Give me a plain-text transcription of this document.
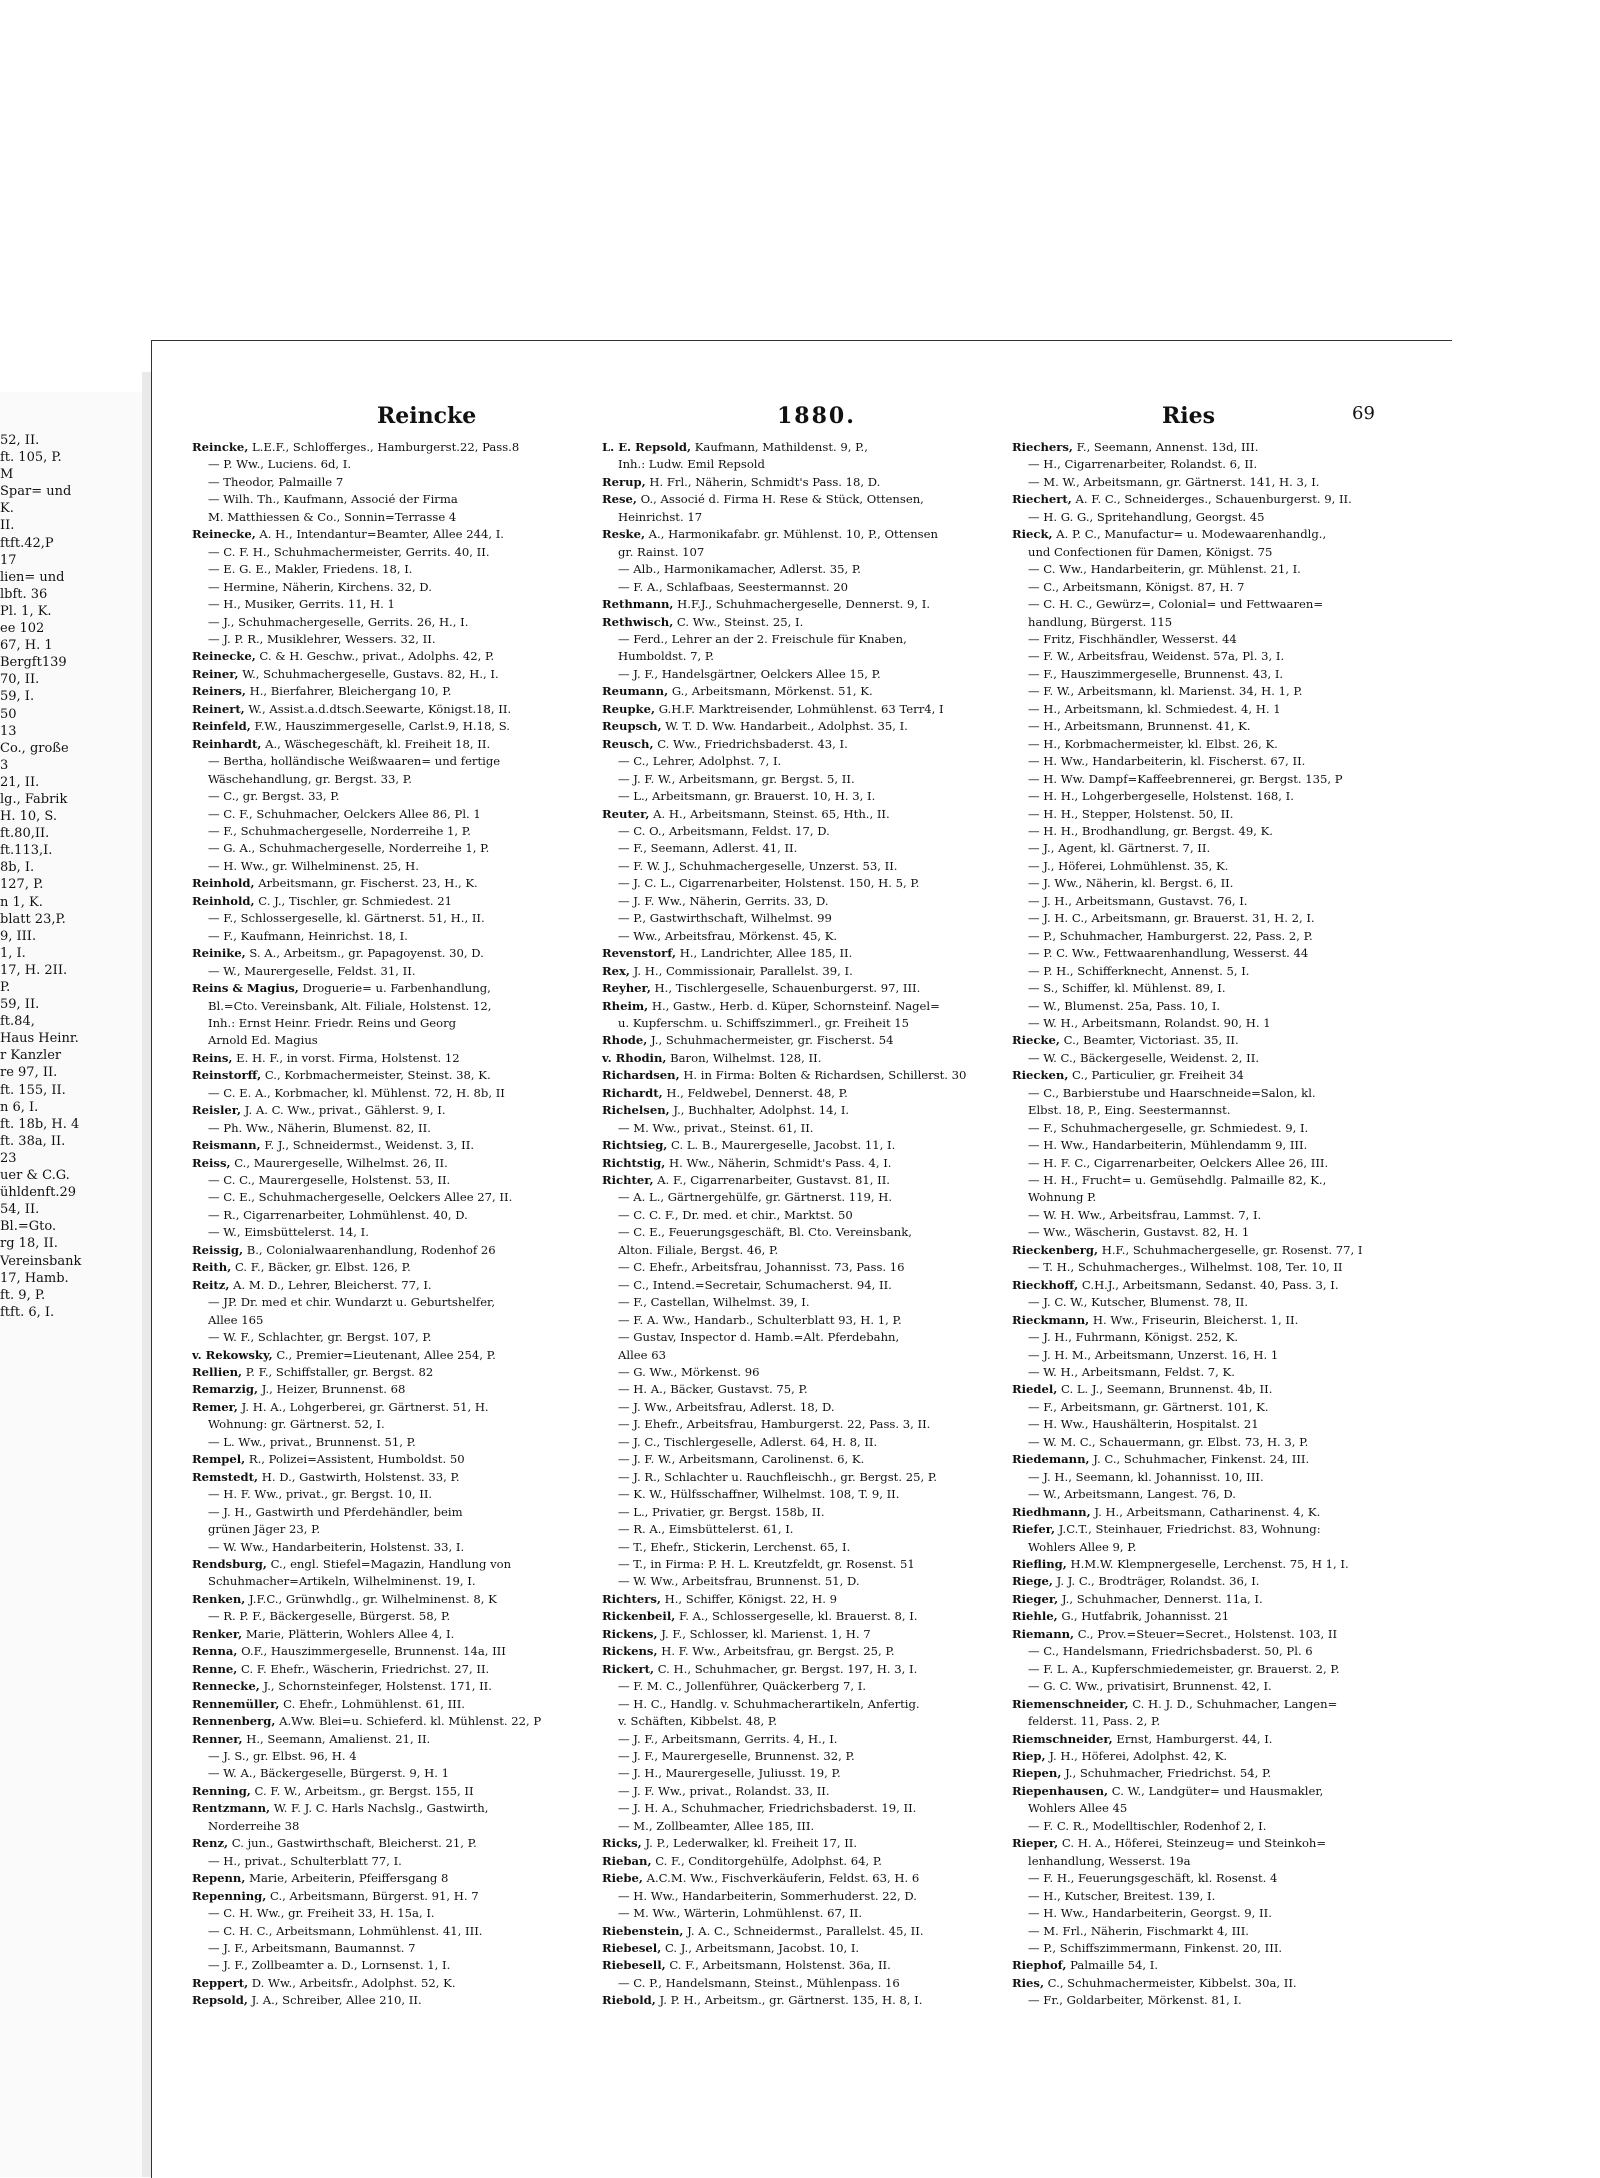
52, II.
ft. 105, P.
M
Spar= und
K.
II.
ftft.42,P
17
lien= und
lbft. 36
Pl. 1, K.
ee 102
67, H. 1
Bergft139
70, II.
59, I.
50
13
Co., große
3
21, II.
lg., Fabrik
H. 10, S.
ft.80,II.
ft.113,I.
8b, I.
127, P.
n 1, K.
blatt 23,P.
9, III.
1, I.
17, H. 2II.
P.
59, II.
ft.84,
Haus Heinr.
r Kanzler
re 97, II.
ft. 155, II.
n 6, I.
ft. 18b, H. 4
ft. 38a, II.
23
uer & C.G.
ühldenft.29
54, II.
Bl.=Gto.
rg 18, II.
Vereinsbank
17, Hamb.
ft. 9, P.
ftft. 6, I.
Reincke	1880.	Ries	69
Reincke, L.E.F., Schlofferges., Hamburgerst.22, Pass.8
— P. Ww., Luciens. 6d, I.
— Theodor, Palmaille 7
— Wilh. Th., Kaufmann, Associé der Firma
M. Matthiessen & Co., Sonnin=Terrasse 4
Reinecke, A. H., Intendantur=Beamter, Allee 244, I.
— C. F. H., Schuhmachermeister, Gerrits. 40, II.
— E. G. E., Makler, Friedens. 18, I.
— Hermine, Näherin, Kirchens. 32, D.
— H., Musiker, Gerrits. 11, H. 1
— J., Schuhmachergeselle, Gerrits. 26, H., I.
— J. P. R., Musiklehrer, Wessers. 32, II.
Reinecke, C. & H. Geschw., privat., Adolphs. 42, P.
Reiner, W., Schuhmachergeselle, Gustavs. 82, H., I.
Reiners, H., Bierfahrer, Bleichergang 10, P.
Reinert, W., Assist.a.d.dtsch.Seewarte, Königst.18, II.
Reinfeld, F.W., Hauszimmergeselle, Carlst.9, H.18, S.
Reinhardt, A., Wäschegeschäft, kl. Freiheit 18, II.
— Bertha, holländische Weißwaaren= und fertige
Wäschehandlung, gr. Bergst. 33, P.
— C., gr. Bergst. 33, P.
— C. F., Schuhmacher, Oelckers Allee 86, Pl. 1
— F., Schuhmachergeselle, Norderreihe 1, P.
— G. A., Schuhmachergeselle, Norderreihe 1, P.
— H. Ww., gr. Wilhelminenst. 25, H.
Reinhold, Arbeitsmann, gr. Fischerst. 23, H., K.
Reinhold, C. J., Tischler, gr. Schmiedest. 21
— F., Schlossergeselle, kl. Gärtnerst. 51, H., II.
— F., Kaufmann, Heinrichst. 18, I.
Reinike, S. A., Arbeitsm., gr. Papagoyenst. 30, D.
— W., Maurergeselle, Feldst. 31, II.
Reins & Magius, Droguerie= u. Farbenhandlung,
Bl.=Cto. Vereinsbank, Alt. Filiale, Holstenst. 12,
Inh.: Ernst Heinr. Friedr. Reins und Georg
Arnold Ed. Magius
Reins, E. H. F., in vorst. Firma, Holstenst. 12
Reinstorff, C., Korbmachermeister, Steinst. 38, K.
— C. E. A., Korbmacher, kl. Mühlenst. 72, H. 8b, II
Reisler, J. A. C. Ww., privat., Gählerst. 9, I.
— Ph. Ww., Näherin, Blumenst. 82, II.
Reismann, F. J., Schneidermst., Weidenst. 3, II.
Reiss, C., Maurergeselle, Wilhelmst. 26, II.
— C. C., Maurergeselle, Holstenst. 53, II.
— C. E., Schuhmachergeselle, Oelckers Allee 27, II.
— R., Cigarrenarbeiter, Lohmühlenst. 40, D.
— W., Eimsbüttelerst. 14, I.
Reissig, B., Colonialwaarenhandlung, Rodenhof 26
Reith, C. F., Bäcker, gr. Elbst. 126, P.
Reitz, A. M. D., Lehrer, Bleicherst. 77, I.
— JP. Dr. med et chir. Wundarzt u. Geburtshelfer,
Allee 165
— W. F., Schlachter, gr. Bergst. 107, P.
v. Rekowsky, C., Premier=Lieutenant, Allee 254, P.
Rellien, P. F., Schiffstaller, gr. Bergst. 82
Remarzig, J., Heizer, Brunnenst. 68
Remer, J. H. A., Lohgerberei, gr. Gärtnerst. 51, H.
Wohnung: gr. Gärtnerst. 52, I.
— L. Ww., privat., Brunnenst. 51, P.
Rempel, R., Polizei=Assistent, Humboldst. 50
Remstedt, H. D., Gastwirth, Holstenst. 33, P.
— H. F. Ww., privat., gr. Bergst. 10, II.
— J. H., Gastwirth und Pferdehändler, beim
grünen Jäger 23, P.
— W. Ww., Handarbeiterin, Holstenst. 33, I.
Rendsburg, C., engl. Stiefel=Magazin, Handlung von
Schuhmacher=Artikeln, Wilhelminenst. 19, I.
Renken, J.F.C., Grünwhdlg., gr. Wilhelminenst. 8, K
— R. P. F., Bäckergeselle, Bürgerst. 58, P.
Renker, Marie, Plätterin, Wohlers Allee 4, I.
Renna, O.F., Hauszimmergeselle, Brunnenst. 14a, III
Renne, C. F. Ehefr., Wäscherin, Friedrichst. 27, II.
Rennecke, J., Schornsteinfeger, Holstenst. 171, II.
Rennemüller, C. Ehefr., Lohmühlenst. 61, III.
Rennenberg, A.Ww. Blei=u. Schieferd. kl. Mühlenst. 22, P
Renner, H., Seemann, Amalienst. 21, II.
— J. S., gr. Elbst. 96, H. 4
— W. A., Bäckergeselle, Bürgerst. 9, H. 1
Renning, C. F. W., Arbeitsm., gr. Bergst. 155, II
Rentzmann, W. F. J. C. Harls Nachslg., Gastwirth,
Norderreihe 38
Renz, C. jun., Gastwirthschaft, Bleicherst. 21, P.
— H., privat., Schulterblatt 77, I.
Repenn, Marie, Arbeiterin, Pfeiffersgang 8
Repenning, C., Arbeitsmann, Bürgerst. 91, H. 7
— C. H. Ww., gr. Freiheit 33, H. 15a, I.
— C. H. C., Arbeitsmann, Lohmühlenst. 41, III.
— J. F., Arbeitsmann, Baumannst. 7
— J. F., Zollbeamter a. D., Lornsenst. 1, I.
Reppert, D. Ww., Arbeitsfr., Adolphst. 52, K.
Repsold, J. A., Schreiber, Allee 210, II.
L. E. Repsold, Kaufmann, Mathildenst. 9, P.,
Inh.: Ludw. Emil Repsold
Rerup, H. Frl., Näherin, Schmidt's Pass. 18, D.
Rese, O., Associé d. Firma H. Rese & Stück, Ottensen,
Heinrichst. 17
Reske, A., Harmonikafabr. gr. Mühlenst. 10, P., Ottensen
gr. Rainst. 107
— Alb., Harmonikamacher, Adlerst. 35, P.
— F. A., Schlafbaas, Seestermannst. 20
Rethmann, H.F.J., Schuhmachergeselle, Dennerst. 9, I.
Rethwisch, C. Ww., Steinst. 25, I.
— Ferd., Lehrer an der 2. Freischule für Knaben,
Humboldst. 7, P.
— J. F., Handelsgärtner, Oelckers Allee 15, P.
Reumann, G., Arbeitsmann, Mörkenst. 51, K.
Reupke, G.H.F. Marktreisender, Lohmühlenst. 63 Terr4, I
Reupsch, W. T. D. Ww. Handarbeit., Adolphst. 35, I.
Reusch, C. Ww., Friedrichsbaderst. 43, I.
— C., Lehrer, Adolphst. 7, I.
— J. F. W., Arbeitsmann, gr. Bergst. 5, II.
— L., Arbeitsmann, gr. Brauerst. 10, H. 3, I.
Reuter, A. H., Arbeitsmann, Steinst. 65, Hth., II.
— C. O., Arbeitsmann, Feldst. 17, D.
— F., Seemann, Adlerst. 41, II.
— F. W. J., Schuhmachergeselle, Unzerst. 53, II.
— J. C. L., Cigarrenarbeiter, Holstenst. 150, H. 5, P.
— J. F. Ww., Näherin, Gerrits. 33, D.
— P., Gastwirthschaft, Wilhelmst. 99
— Ww., Arbeitsfrau, Mörkenst. 45, K.
Revenstorf, H., Landrichter, Allee 185, II.
Rex, J. H., Commissionair, Parallelst. 39, I.
Reyher, H., Tischlergeselle, Schauenburgerst. 97, III.
Rheim, H., Gastw., Herb. d. Küper, Schornsteinf. Nagel=
u. Kupferschm. u. Schiffszimmerl., gr. Freiheit 15
Rhode, J., Schuhmachermeister, gr. Fischerst. 54
v. Rhodin, Baron, Wilhelmst. 128, II.
Richardsen, H. in Firma: Bolten & Richardsen, Schillerst. 30
Richardt, H., Feldwebel, Dennerst. 48, P.
Richelsen, J., Buchhalter, Adolphst. 14, I.
— M. Ww., privat., Steinst. 61, II.
Richtsieg, C. L. B., Maurergeselle, Jacobst. 11, I.
Richtstig, H. Ww., Näherin, Schmidt's Pass. 4, I.
Richter, A. F., Cigarrenarbeiter, Gustavst. 81, II.
— A. L., Gärtnergehülfe, gr. Gärtnerst. 119, H.
— C. C. F., Dr. med. et chir., Marktst. 50
— C. E., Feuerungsgeschäft, Bl. Cto. Vereinsbank,
Alton. Filiale, Bergst. 46, P.
— C. Ehefr., Arbeitsfrau, Johannisst. 73, Pass. 16
— C., Intend.=Secretair, Schumacherst. 94, II.
— F., Castellan, Wilhelmst. 39, I.
— F. A. Ww., Handarb., Schulterblatt 93, H. 1, P.
— Gustav, Inspector d. Hamb.=Alt. Pferdebahn,
Allee 63
— G. Ww., Mörkenst. 96
— H. A., Bäcker, Gustavst. 75, P.
— J. Ww., Arbeitsfrau, Adlerst. 18, D.
— J. Ehefr., Arbeitsfrau, Hamburgerst. 22, Pass. 3, II.
— J. C., Tischlergeselle, Adlerst. 64, H. 8, II.
— J. F. W., Arbeitsmann, Carolinenst. 6, K.
— J. R., Schlachter u. Rauchfleischh., gr. Bergst. 25, P.
— K. W., Hülfsschaffner, Wilhelmst. 108, T. 9, II.
— L., Privatier, gr. Bergst. 158b, II.
— R. A., Eimsbüttelerst. 61, I.
— T., Ehefr., Stickerin, Lerchenst. 65, I.
— T., in Firma: P. H. L. Kreutzfeldt, gr. Rosenst. 51
— W. Ww., Arbeitsfrau, Brunnenst. 51, D.
Richters, H., Schiffer, Königst. 22, H. 9
Rickenbeil, F. A., Schlossergeselle, kl. Brauerst. 8, I.
Rickens, J. F., Schlosser, kl. Marienst. 1, H. 7
Rickens, H. F. Ww., Arbeitsfrau, gr. Bergst. 25, P.
Rickert, C. H., Schuhmacher, gr. Bergst. 197, H. 3, I.
— F. M. C., Jollenführer, Quäckerberg 7, I.
— H. C., Handlg. v. Schuhmacherartikeln, Anfertig.
v. Schäften, Kibbelst. 48, P.
— J. F., Arbeitsmann, Gerrits. 4, H., I.
— J. F., Maurergeselle, Brunnenst. 32, P.
— J. H., Maurergeselle, Juliusst. 19, P.
— J. F. Ww., privat., Rolandst. 33, II.
— J. H. A., Schuhmacher, Friedrichsbaderst. 19, II.
— M., Zollbeamter, Allee 185, III.
Ricks, J. P., Lederwalker, kl. Freiheit 17, II.
Rieban, C. F., Conditorgehülfe, Adolphst. 64, P.
Riebe, A.C.M. Ww., Fischverkäuferin, Feldst. 63, H. 6
— H. Ww., Handarbeiterin, Sommerhuderst. 22, D.
— M. Ww., Wärterin, Lohmühlenst. 67, II.
Riebenstein, J. A. C., Schneidermst., Parallelst. 45, II.
Riebesel, C. J., Arbeitsmann, Jacobst. 10, I.
Riebesell, C. F., Arbeitsmann, Holstenst. 36a, II.
— C. P., Handelsmann, Steinst., Mühlenpass. 16
Riebold, J. P. H., Arbeitsm., gr. Gärtnerst. 135, H. 8, I.
Riechers, F., Seemann, Annenst. 13d, III.
— H., Cigarrenarbeiter, Rolandst. 6, II.
— M. W., Arbeitsmann, gr. Gärtnerst. 141, H. 3, I.
Riechert, A. F. C., Schneiderges., Schauenburgerst. 9, II.
— H. G. G., Spritehandlung, Georgst. 45
Rieck, A. P. C., Manufactur= u. Modewaarenhandlg.,
und Confectionen für Damen, Königst. 75
— C. Ww., Handarbeiterin, gr. Mühlenst. 21, I.
— C., Arbeitsmann, Königst. 87, H. 7
— C. H. C., Gewürz=, Colonial= und Fettwaaren=
handlung, Bürgerst. 115
— Fritz, Fischhändler, Wesserst. 44
— F. W., Arbeitsfrau, Weidenst. 57a, Pl. 3, I.
— F., Hauszimmergeselle, Brunnenst. 43, I.
— F. W., Arbeitsmann, kl. Marienst. 34, H. 1, P.
— H., Arbeitsmann, kl. Schmiedest. 4, H. 1
— H., Arbeitsmann, Brunnenst. 41, K.
— H., Korbmachermeister, kl. Elbst. 26, K.
— H. Ww., Handarbeiterin, kl. Fischerst. 67, II.
— H. Ww. Dampf=Kaffeebrennerei, gr. Bergst. 135, P
— H. H., Lohgerbergeselle, Holstenst. 168, I.
— H. H., Stepper, Holstenst. 50, II.
— H. H., Brodhandlung, gr. Bergst. 49, K.
— J., Agent, kl. Gärtnerst. 7, II.
— J., Höferei, Lohmühlenst. 35, K.
— J. Ww., Näherin, kl. Bergst. 6, II.
— J. H., Arbeitsmann, Gustavst. 76, I.
— J. H. C., Arbeitsmann, gr. Brauerst. 31, H. 2, I.
— P., Schuhmacher, Hamburgerst. 22, Pass. 2, P.
— P. C. Ww., Fettwaarenhandlung, Wesserst. 44
— P. H., Schifferknecht, Annenst. 5, I.
— S., Schiffer, kl. Mühlenst. 89, I.
— W., Blumenst. 25a, Pass. 10, I.
— W. H., Arbeitsmann, Rolandst. 90, H. 1
Riecke, C., Beamter, Victoriast. 35, II.
— W. C., Bäckergeselle, Weidenst. 2, II.
Riecken, C., Particulier, gr. Freiheit 34
— C., Barbierstube und Haarschneide=Salon, kl.
Elbst. 18, P., Eing. Seestermannst.
— F., Schuhmachergeselle, gr. Schmiedest. 9, I.
— H. Ww., Handarbeiterin, Mühlendamm 9, III.
— H. F. C., Cigarrenarbeiter, Oelckers Allee 26, III.
— H. H., Frucht= u. Gemüsehdlg. Palmaille 82, K.,
Wohnung P.
— W. H. Ww., Arbeitsfrau, Lammst. 7, I.
— Ww., Wäscherin, Gustavst. 82, H. 1
Rieckenberg, H.F., Schuhmachergeselle, gr. Rosenst. 77, I
— T. H., Schuhmacherges., Wilhelmst. 108, Ter. 10, II
Rieckhoff, C.H.J., Arbeitsmann, Sedanst. 40, Pass. 3, I.
— J. C. W., Kutscher, Blumenst. 78, II.
Rieckmann, H. Ww., Friseurin, Bleicherst. 1, II.
— J. H., Fuhrmann, Königst. 252, K.
— J. H. M., Arbeitsmann, Unzerst. 16, H. 1
— W. H., Arbeitsmann, Feldst. 7, K.
Riedel, C. L. J., Seemann, Brunnenst. 4b, II.
— F., Arbeitsmann, gr. Gärtnerst. 101, K.
— H. Ww., Haushälterin, Hospitalst. 21
— W. M. C., Schauermann, gr. Elbst. 73, H. 3, P.
Riedemann, J. C., Schuhmacher, Finkenst. 24, III.
— J. H., Seemann, kl. Johannisst. 10, III.
— W., Arbeitsmann, Langest. 76, D.
Riedhmann, J. H., Arbeitsmann, Catharinenst. 4, K.
Riefer, J.C.T., Steinhauer, Friedrichst. 83, Wohnung:
Wohlers Allee 9, P.
Riefling, H.M.W. Klempnergeselle, Lerchenst. 75, H 1, I.
Riege, J. J. C., Brodträger, Rolandst. 36, I.
Rieger, J., Schuhmacher, Dennerst. 11a, I.
Riehle, G., Hutfabrik, Johannisst. 21
Riemann, C., Prov.=Steuer=Secret., Holstenst. 103, II
— C., Handelsmann, Friedrichsbaderst. 50, Pl. 6
— F. L. A., Kupferschmiedemeister, gr. Brauerst. 2, P.
— G. C. Ww., privatisirt, Brunnenst. 42, I.
Riemenschneider, C. H. J. D., Schuhmacher, Langen=
felderst. 11, Pass. 2, P.
Riemschneider, Ernst, Hamburgerst. 44, I.
Riep, J. H., Höferei, Adolphst. 42, K.
Riepen, J., Schuhmacher, Friedrichst. 54, P.
Riepenhausen, C. W., Landgüter= und Hausmakler,
Wohlers Allee 45
— F. C. R., Modelltischler, Rodenhof 2, I.
Rieper, C. H. A., Höferei, Steinzeug= und Steinkoh=
lenhandlung, Wesserst. 19a
— F. H., Feuerungsgeschäft, kl. Rosenst. 4
— H., Kutscher, Breitest. 139, I.
— H. Ww., Handarbeiterin, Georgst. 9, II.
— M. Frl., Näherin, Fischmarkt 4, III.
— P., Schiffszimmermann, Finkenst. 20, III.
Riephof, Palmaille 54, I.
Ries, C., Schuhmachermeister, Kibbelst. 30a, II.
— Fr., Goldarbeiter, Mörkenst. 81, I.
